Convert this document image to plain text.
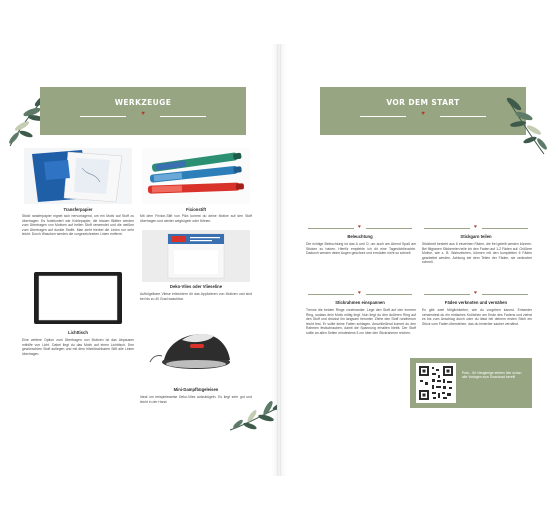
WERKZEUGE
♥
Transferpapier
Stickt ransferpapier eignet sich hervorragend, um ein Motiv auf Stoff zu übertragen. Es funktioniert wie Kohlepapier, die blauen Blätter werden zum Übertragen von Motiven auf hellen Stoff verwendet und die weißen zum Übertragen auf dunkle Stoffe. Man sieht hierbei die Linien nur sehr leicht. Durch Waschen werden die vorgezeichneten Linien entfernt.
Fixionstift
Mit dem Frixion-Stift von Pilot kommt du deine Motive auf den Stoff übertragen und wieder wegbügeln oder föhnen.
Lichttisch
Eine weitere Option zum Übertragen von Motiven ist das Abpausen mithilfe von Licht. Dabei liegt du das Motiv auf einen Lichttisch. Den gewünschten Stoff auflegen und mit dem hitzelöschbaren Stift alle Linien übertragen.
Deko-Vlies oder Vlieseline
Aufbügelbare Vliese erleichtern dir das Applizieren von Motiven und sind bei bis zu 40 Grad waschbar.
Mini-Dampfbügeleisen
Ideal um beispielsweise Deko-Vlies aufzubügeln. Es liegt sehr gut und leicht in der Hand.
VOR DEM START
♥
♥
Beleuchtung
Die richtige Beleuchtung ist das A und O, um auch am Abend Spaß am Sticken zu haben. Hierfür empfehle ich dir eine Tageslichtleuchte. Dadurch werden deine Augen geschont und ermüden nicht so schnell.
♥
Stickgarn teilen
Stickbreit besteht aus 6 einzelnen Fäden, die frei geteilt werden können. Bei filigranen Stickereien teile ich den Faden auf 1-2 Fäden auf. Größere Motive, wie z. B. Wahrzeichen, können mit den kompletten 6 Fäden gearbeitet werden. Achtung bei dem Teilen der Fäden, sie verknoten schnell.
♥
Stickrahmen einspannen
Trenne die beiden Ringe voneinander. Lege den Stoff auf den inneren Ring, sodass dein Motiv mittig liegt. Nun liegt du den äußeren Ring auf den Stoff und drückst ihn langsam herunter. Ziehe den Stoff rundherum leicht fest. Er sollte keine Falten schlagen. Anschließend kommt du den Rahmen festschrauben, damit die Spannung erhalten bleibt. Der Stoff sollte an allen Seiten mindestens 5 cm über den Stickrahmen reichen.
♥
Fäden verknoten und vernähen
Es gibt zwei Möglichkeiten, wie du vorgehen kannst. Entweder verwendest du ein einfaches Knötchen am Ende des Fadens und ziehst es bis zum Anschlag durch oder du lässt bei deinem ersten Stich ein Stück vom Faden überstehen, das du hinterher sauber vernähst.
Psst... für Neugierige stehen hier schon alle Vorlagen zum Download bereit!
